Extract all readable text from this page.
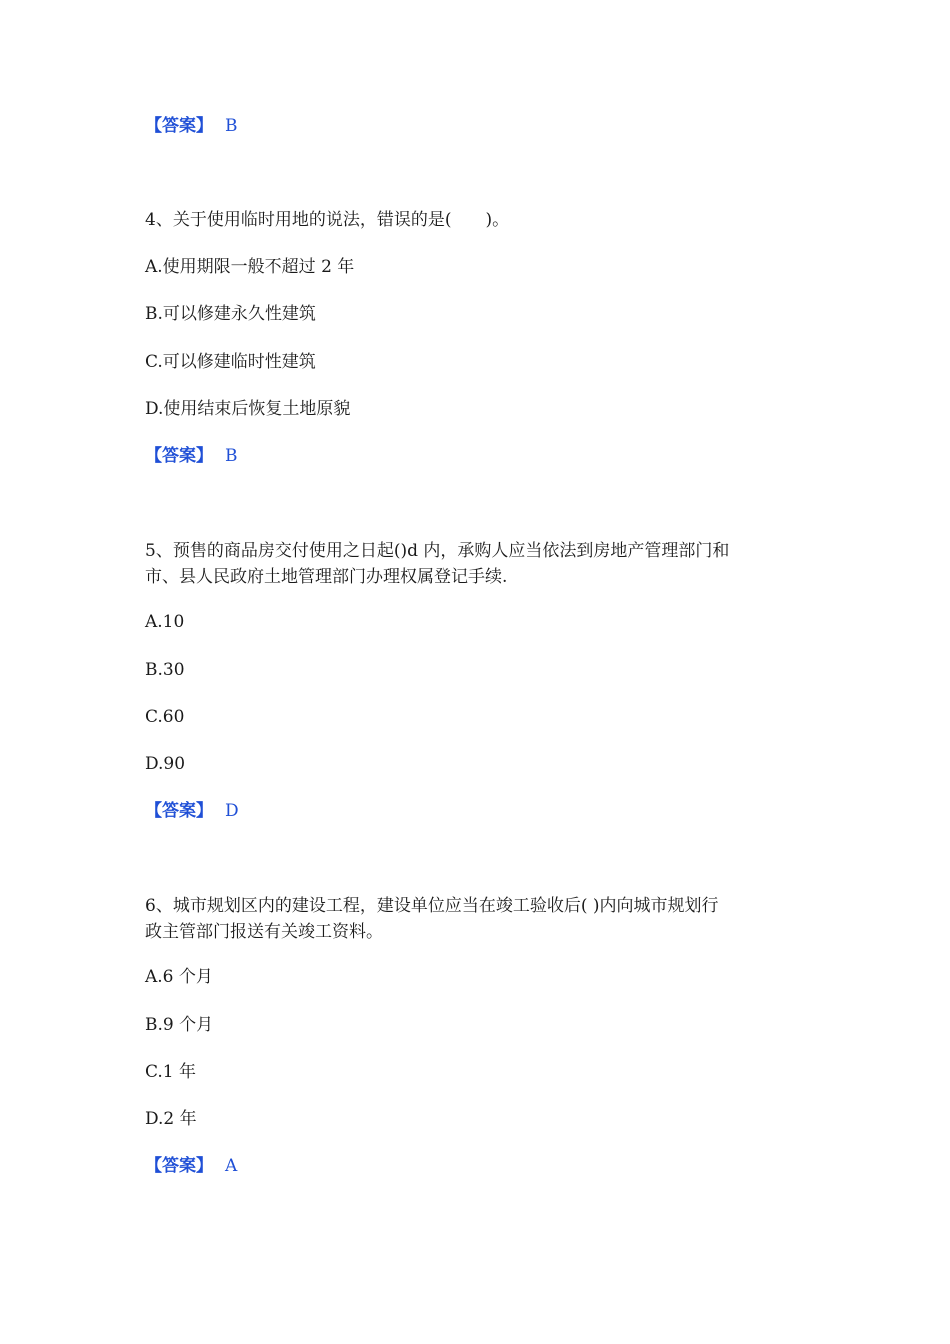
【答案】 B
4、关于使用临时用地的说法，错误的是(　　)。
A.使用期限一般不超过 2 年
B.可以修建永久性建筑
C.可以修建临时性建筑
D.使用结束后恢复土地原貌
【答案】 B
5、预售的商品房交付使用之日起()d 内，承购人应当依法到房地产管理部门和
市、县人民政府土地管理部门办理权属登记手续.
A.10
B.30
C.60
D.90
【答案】 D
6、城市规划区内的建设工程，建设单位应当在竣工验收后( )内向城市规划行
政主管部门报送有关竣工资料。
A.6 个月
B.9 个月
C.1 年
D.2 年
【答案】 A
